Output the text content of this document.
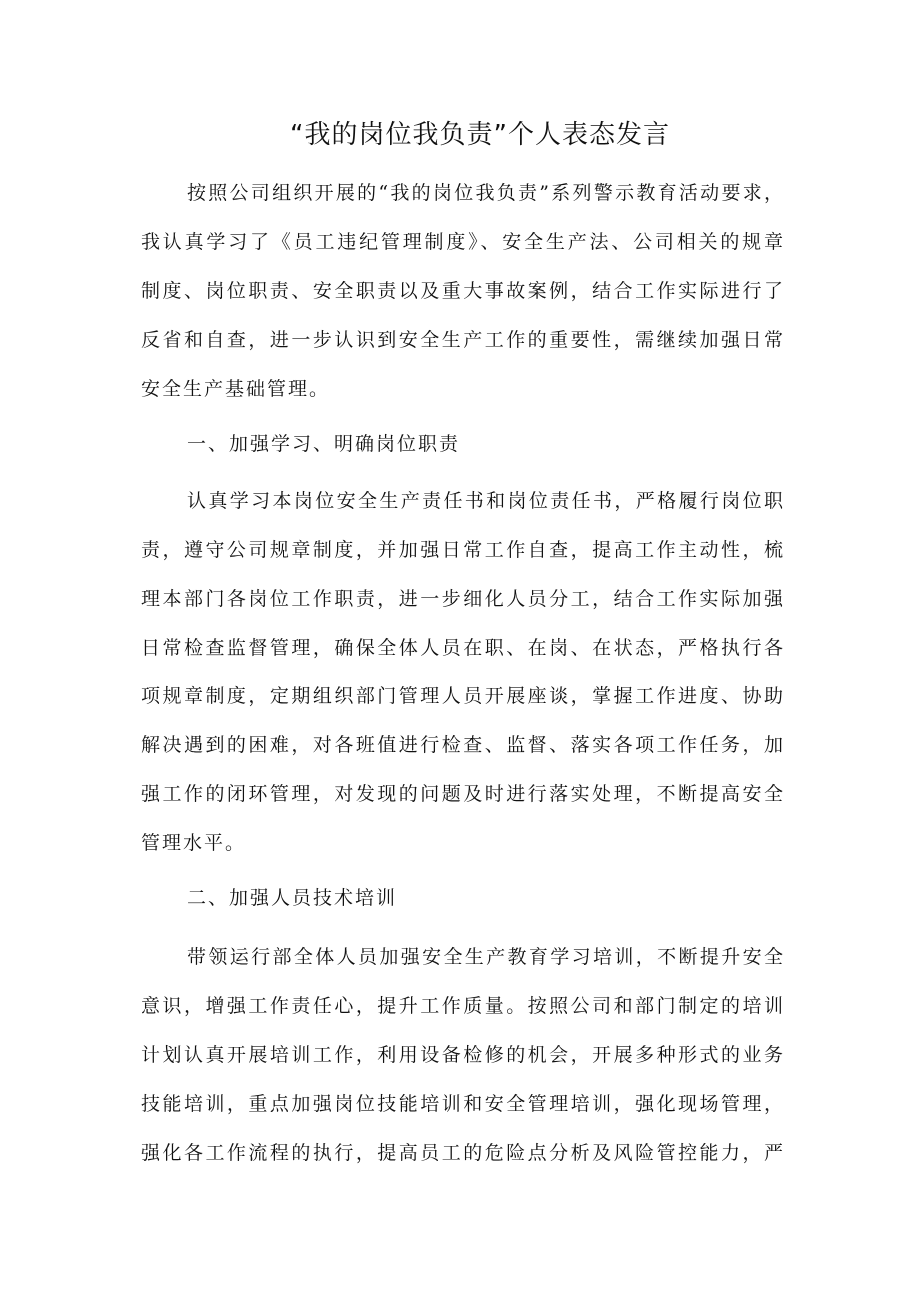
“我的岗位我负责”个人表态发言

按照公司组织开展的“我的岗位我负责”系列警示教育活动要求，

我认真学习了《员工违纪管理制度》、安全生产法、公司相关的规章

制度、岗位职责、安全职责以及重大事故案例，结合工作实际进行了

反省和自查，进一步认识到安全生产工作的重要性，需继续加强日常

安全生产基础管理。

一、加强学习、明确岗位职责

认真学习本岗位安全生产责任书和岗位责任书，严格履行岗位职

责，遵守公司规章制度，并加强日常工作自查，提高工作主动性，梳

理本部门各岗位工作职责，进一步细化人员分工，结合工作实际加强

日常检查监督管理，确保全体人员在职、在岗、在状态，严格执行各

项规章制度，定期组织部门管理人员开展座谈，掌握工作进度、协助

解决遇到的困难，对各班值进行检查、监督、落实各项工作任务，加

强工作的闭环管理，对发现的问题及时进行落实处理，不断提高安全

管理水平。

二、加强人员技术培训

带领运行部全体人员加强安全生产教育学习培训，不断提升安全

意识，增强工作责任心，提升工作质量。按照公司和部门制定的培训

计划认真开展培训工作，利用设备检修的机会，开展多种形式的业务

技能培训，重点加强岗位技能培训和安全管理培训，强化现场管理，

强化各工作流程的执行，提高员工的危险点分析及风险管控能力，严
